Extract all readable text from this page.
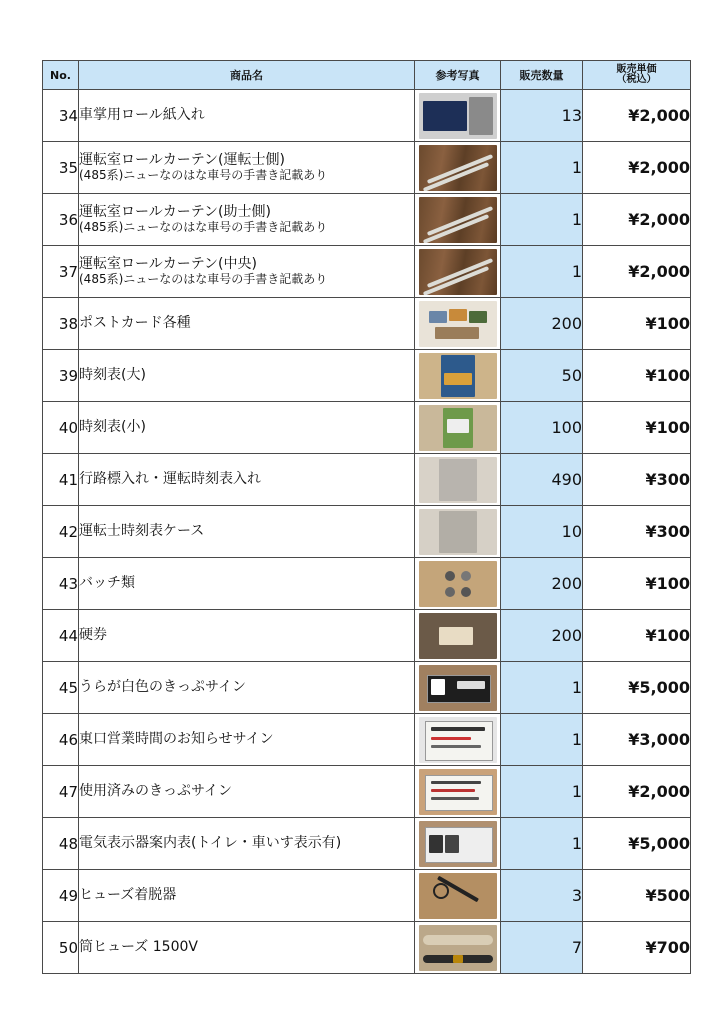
No.	商品名	参考写真	販売数量	販売単価
（税込）
34	車掌用ロール紙入れ		13	¥2,000
35	運転室ロールカーテン(運転士側)
(485系)ニューなのはな車号の手書き記載あり		1	¥2,000
36	運転室ロールカーテン(助士側)
(485系)ニューなのはな車号の手書き記載あり		1	¥2,000
37	運転室ロールカーテン(中央)
(485系)ニューなのはな車号の手書き記載あり		1	¥2,000
38	ポストカード各種		200	¥100
39	時刻表(大)		50	¥100
40	時刻表(小)		100	¥100
41	行路標入れ・運転時刻表入れ		490	¥300
42	運転士時刻表ケース		10	¥300
43	バッチ類		200	¥100
44	硬券		200	¥100
45	うらが白色のきっぷサイン		1	¥5,000
46	東口営業時間のお知らせサイン		1	¥3,000
47	使用済みのきっぷサイン		1	¥2,000
48	電気表示器案内表(トイレ・車いす表示有)		1	¥5,000
49	ヒューズ着脱器		3	¥500
50	筒ヒューズ 1500V		7	¥700
